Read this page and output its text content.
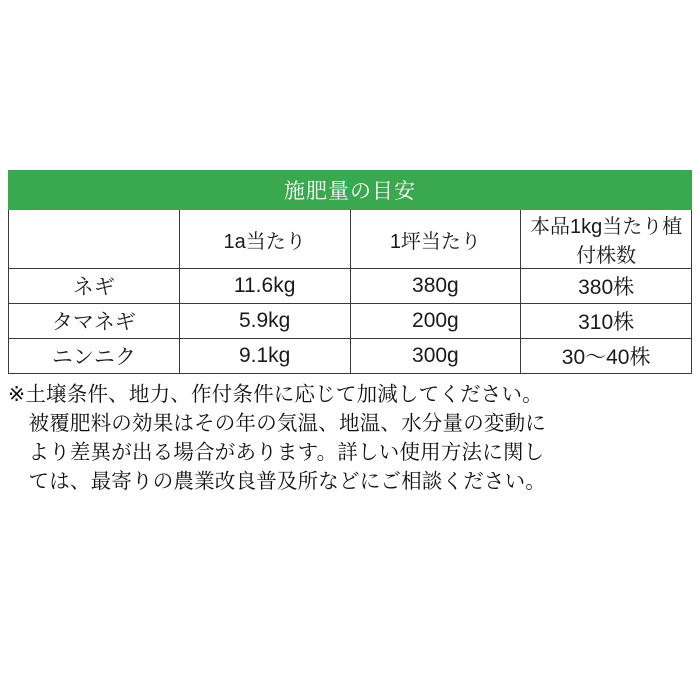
施肥量の目安			
	1a当たり	1坪当たり	本品1kg当たり植付株数
ネギ	11.6kg	380g	380株
タマネギ	5.9kg	200g	310株
ニンニク	9.1kg	300g	30〜40株

※土壌条件、地力、作付条件に応じて加減してください。

被覆肥料の効果はその年の気温、地温、水分量の変動に

より差異が出る場合があります。詳しい使用方法に関し

ては、最寄りの農業改良普及所などにご相談ください。
